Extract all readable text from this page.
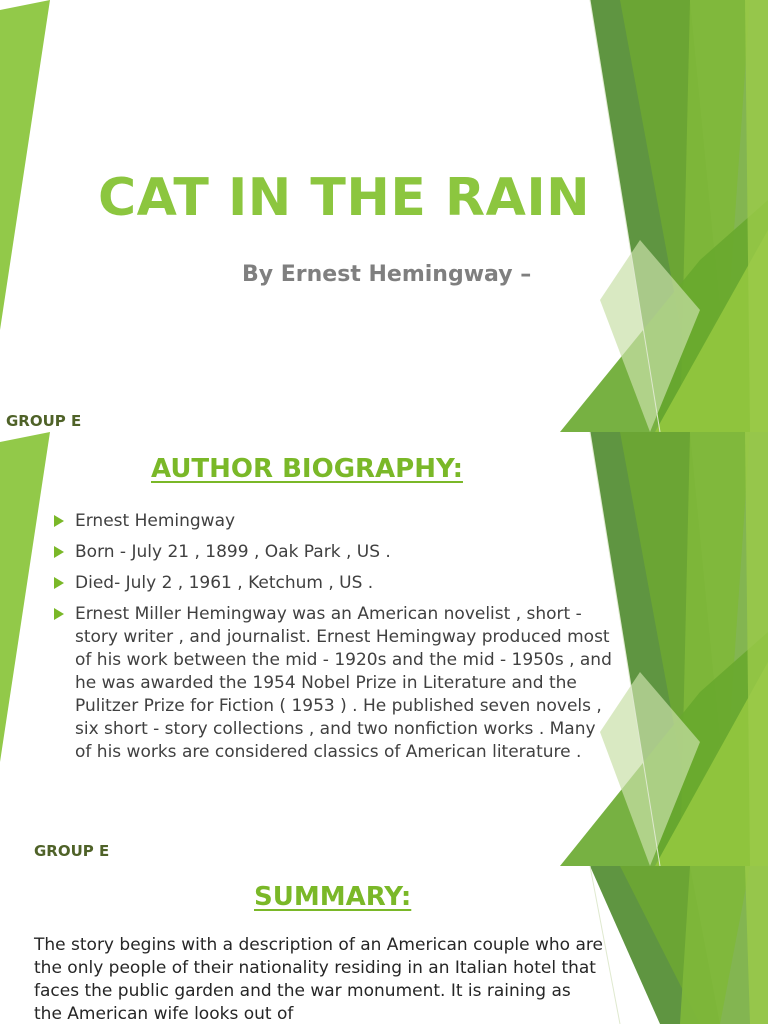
CAT IN THE RAIN
By Ernest Hemingway –
GROUP E
AUTHOR BIOGRAPHY:
Ernest Hemingway
Born - July 21 , 1899 , Oak Park , US .
Died- July 2 , 1961 , Ketchum , US .
Ernest Miller Hemingway was an American novelist , short - story writer , and journalist. Ernest Hemingway produced most of his work between the mid - 1920s and the mid - 1950s , and he was awarded the 1954 Nobel Prize in Literature and the Pulitzer Prize for Fiction ( 1953 ) . He published seven novels , six short - story collections , and two nonfiction works . Many of his works are considered classics of American literature .
GROUP E
SUMMARY:

The story begins with a description of an American couple who are the only people of their nationality residing in an Italian hotel that faces the public garden and the war monument. It is raining as the American wife looks out of
